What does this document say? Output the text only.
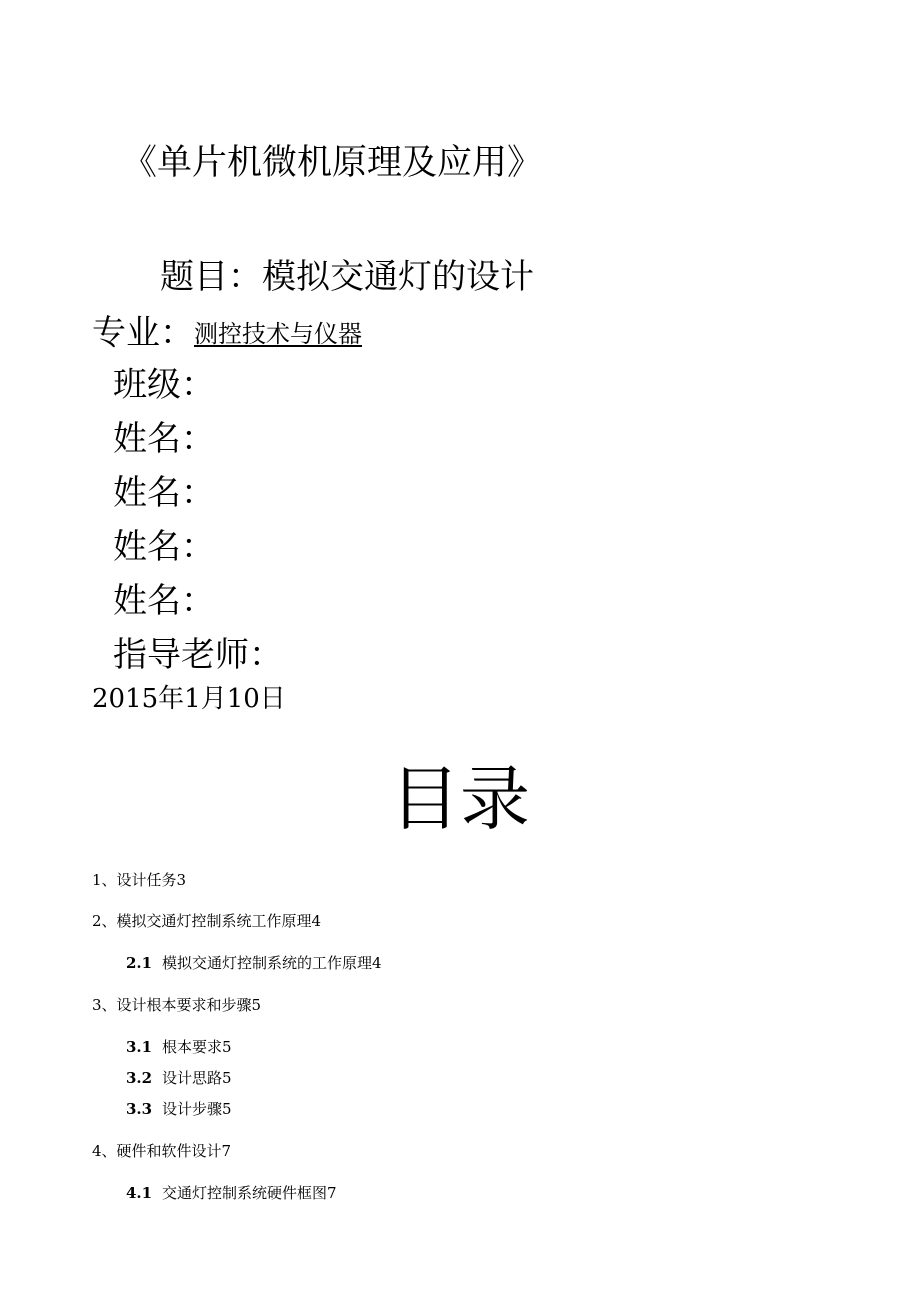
《单片机微机原理及应用》
题目：模拟交通灯的设计
专业： 测控技术与仪器
班级：
姓名：
姓名：
姓名：
姓名：
指导老师：
2015年1月10日
目录
1、设计任务3
2、模拟交通灯控制系统工作原理4
2.1 模拟交通灯控制系统的工作原理4
3、设计根本要求和步骤5
3.1 根本要求5
3.2 设计思路5
3.3 设计步骤5
4、硬件和软件设计7
4.1 交通灯控制系统硬件框图7
